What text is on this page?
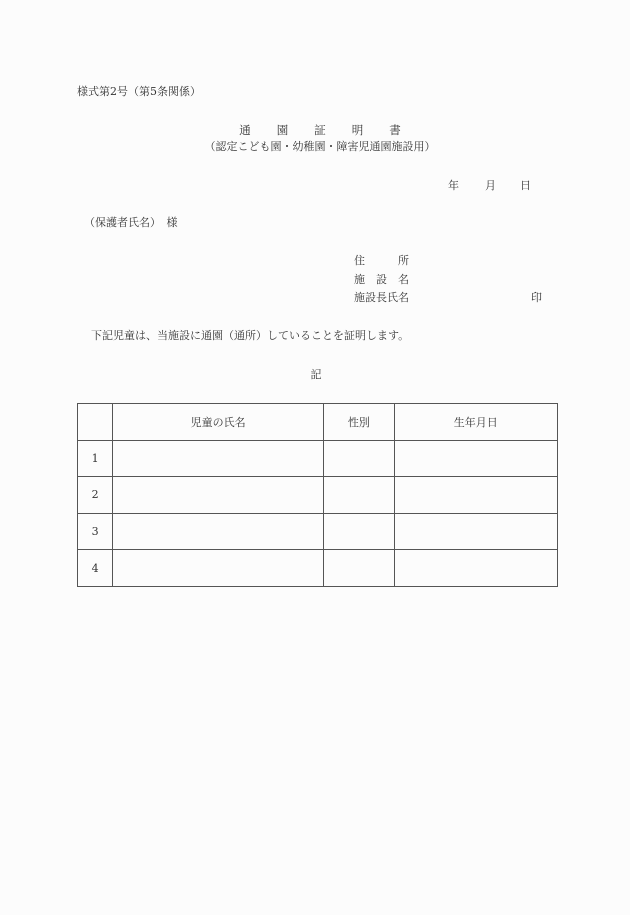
様式第2号（第5条関係）
通 園 証 明 書
（認定こども園・幼稚園・障害児通園施設用）
年 月 日
（保護者氏名）　様
住　　　所
施　設　名
施設長氏名	印
下記児童は、当施設に通園（通所）していることを証明します。
記
	児童の氏名	性別	生年月日
1			
2			
3			
4			
